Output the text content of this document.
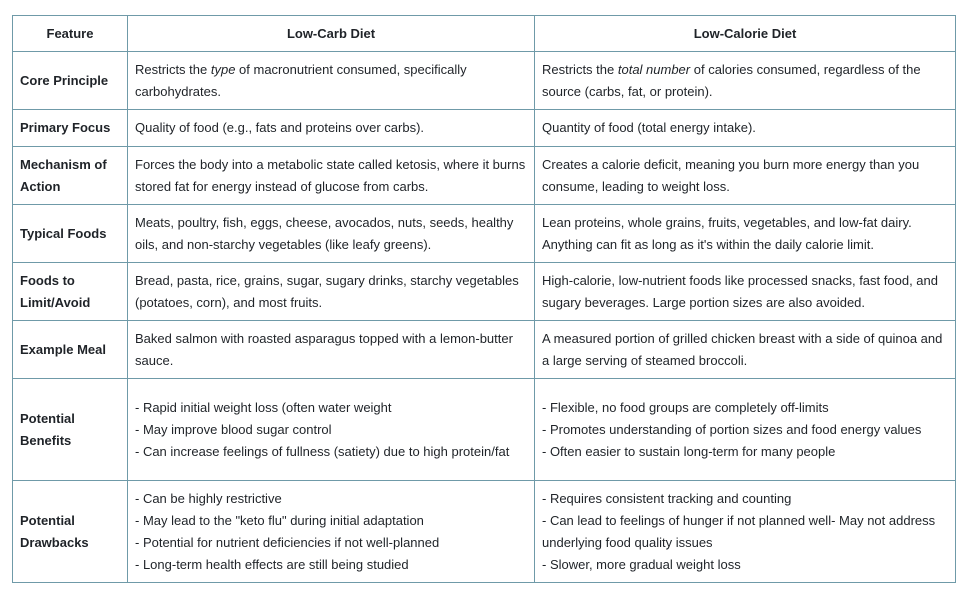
Feature	Low-Carb Diet	Low-Calorie Diet
Core Principle	Restricts the type of macronutrient consumed, specifically carbohydrates.	Restricts the total number of calories consumed, regardless of the source (carbs, fat, or protein).
Primary Focus	Quality of food (e.g., fats and proteins over carbs).	Quantity of food (total energy intake).
Mechanism of Action	Forces the body into a metabolic state called ketosis, where it burns stored fat for energy instead of glucose from carbs.	Creates a calorie deficit, meaning you burn more energy than you consume, leading to weight loss.
Typical Foods	Meats, poultry, fish, eggs, cheese, avocados, nuts, seeds, healthy oils, and non-starchy vegetables (like leafy greens).	Lean proteins, whole grains, fruits, vegetables, and low-fat dairy. Anything can fit as long as it's within the daily calorie limit.
Foods to Limit/Avoid	Bread, pasta, rice, grains, sugar, sugary drinks, starchy vegetables (potatoes, corn), and most fruits.	High-calorie, low-nutrient foods like processed snacks, fast food, and sugary beverages. Large portion sizes are also avoided.
Example Meal	Baked salmon with roasted asparagus topped with a lemon-butter sauce.	A measured portion of grilled chicken breast with a side of quinoa and a large serving of steamed broccoli.
Potential Benefits	- Rapid initial weight loss (often water weight
- May improve blood sugar control
- Can increase feelings of fullness (satiety) due to high protein/fat	- Flexible, no food groups are completely off-limits
- Promotes understanding of portion sizes and food energy values
- Often easier to sustain long-term for many people

Potential Drawbacks	- Can be highly restrictive
- May lead to the "keto flu" during initial adaptation
- Potential for nutrient deficiencies if not well-planned
- Long-term health effects are still being studied	- Requires consistent tracking and counting
- Can lead to feelings of hunger if not planned well- May not address underlying food quality issues
- Slower, more gradual weight loss
